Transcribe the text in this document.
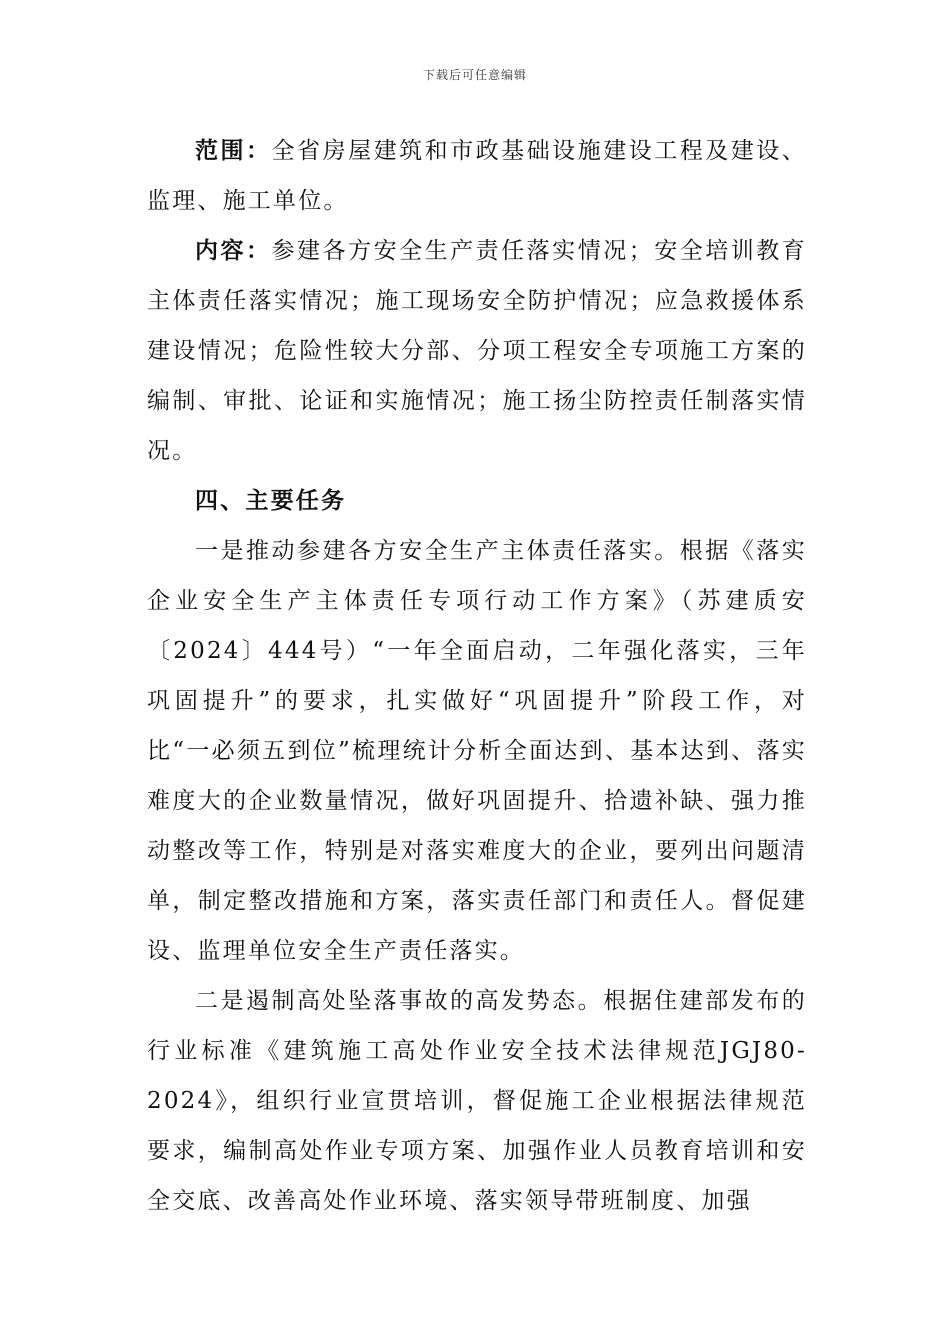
下载后可任意编辑

范围：全省房屋建筑和市政基础设施建设工程及建设、监理、施工单位。

内容：参建各方安全生产责任落实情况；安全培训教育主体责任落实情况；施工现场安全防护情况；应急救援体系建设情况；危险性较大分部、分项工程安全专项施工方案的编制、审批、论证和实施情况；施工扬尘防控责任制落实情况。

四、主要任务

一是推动参建各方安全生产主体责任落实。根据《落实企业安全生产主体责任专项行动工作方案》（苏建质安〔2024〕444号）“一年全面启动，二年强化落实，三年巩固提升”的要求，扎实做好“巩固提升”阶段工作，对比“一必须五到位”梳理统计分析全面达到、基本达到、落实难度大的企业数量情况，做好巩固提升、拾遗补缺、强力推动整改等工作，特别是对落实难度大的企业，要列出问题清单，制定整改措施和方案，落实责任部门和责任人。督促建设、监理单位安全生产责任落实。

二是遏制高处坠落事故的高发势态。根据住建部发布的行业标准《建筑施工高处作业安全技术法律规范JGJ80-2024》，组织行业宣贯培训，督促施工企业根据法律规范要求，编制高处作业专项方案、加强作业人员教育培训和安全交底、改善高处作业环境、落实领导带班制度、加强
